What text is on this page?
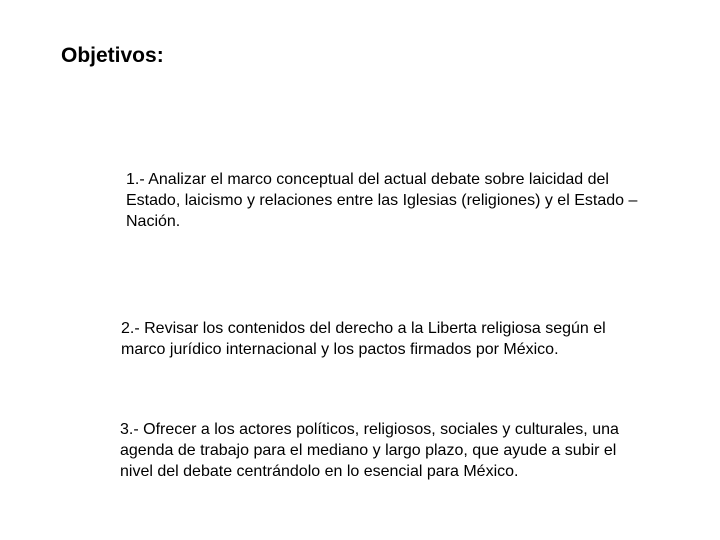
Objetivos:

1.- Analizar el marco conceptual del actual debate sobre laicidad del
Estado, laicismo y relaciones entre las Iglesias (religiones) y el Estado –
Nación.

2.- Revisar los contenidos del derecho a la Liberta religiosa según el
marco jurídico internacional y los pactos firmados por México.

3.- Ofrecer a los actores políticos, religiosos, sociales y culturales, una
agenda de trabajo para el mediano y largo plazo, que ayude a subir el
nivel del debate centrándolo en lo esencial para México.
